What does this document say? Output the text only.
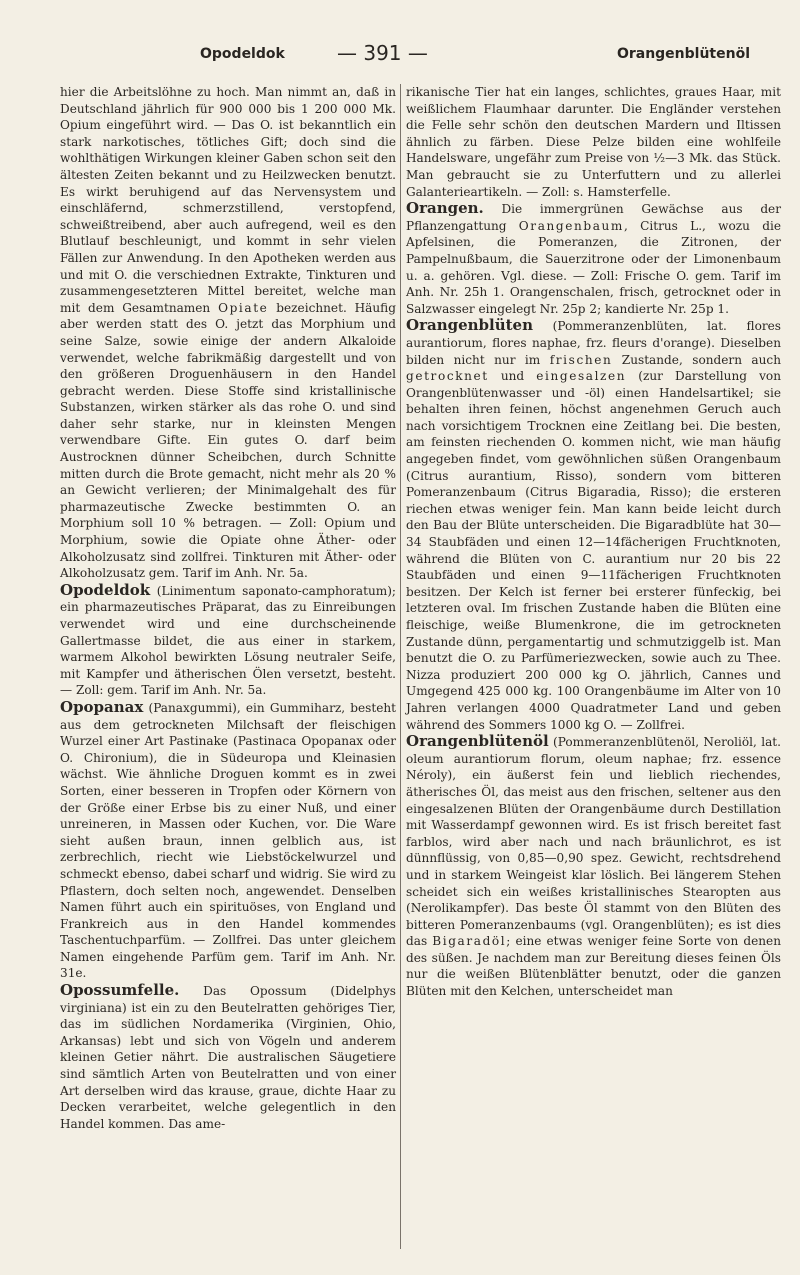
Opodeldok	— 391 —	Orangenblütenöl

hier die Arbeitslöhne zu hoch. Man nimmt an, daß in Deutschland jährlich für 900 000 bis 1 200 000 Mk. Opium eingeführt wird. — Das O. ist bekanntlich ein stark narkotisches, tötliches Gift; doch sind die wohlthätigen Wirkungen kleiner Gaben schon seit den ältesten Zeiten bekannt und zu Heilzwecken benutzt. Es wirkt beruhigend auf das Nervensystem und einschläfernd, schmerzstillend, verstopfend, schweißtreibend, aber auch aufregend, weil es den Blutlauf beschleunigt, und kommt in sehr vielen Fällen zur Anwendung. In den Apotheken werden aus und mit O. die verschiednen Extrakte, Tinkturen und zusammengesetzteren Mittel bereitet, welche man mit dem Gesamtnamen Opiate bezeichnet. Häufig aber werden statt des O. jetzt das Morphium und seine Salze, sowie einige der andern Alkaloide verwendet, welche fabrikmäßig dargestellt und von den größeren Droguenhäusern in den Handel gebracht werden. Diese Stoffe sind kristallinische Substanzen, wirken stärker als das rohe O. und sind daher sehr starke, nur in kleinsten Mengen verwendbare Gifte. Ein gutes O. darf beim Austrocknen dünner Scheibchen, durch Schnitte mitten durch die Brote gemacht, nicht mehr als 20 % an Gewicht verlieren; der Minimalgehalt des für pharmazeutische Zwecke bestimmten O. an Morphium soll 10 % betragen. — Zoll: Opium und Morphium, sowie die Opiate ohne Äther- oder Alkoholzusatz sind zollfrei. Tinkturen mit Äther- oder Alkoholzusatz gem. Tarif im Anh. Nr. 5a.

Opodeldok (Linimentum saponato-camphoratum); ein pharmazeutisches Präparat, das zu Einreibungen verwendet wird und eine durchscheinende Gallertmasse bildet, die aus einer in starkem, warmem Alkohol bewirkten Lösung neutraler Seife, mit Kampfer und ätherischen Ölen versetzt, besteht. — Zoll: gem. Tarif im Anh. Nr. 5a.

Opopanax (Panaxgummi), ein Gummiharz, besteht aus dem getrockneten Milchsaft der fleischigen Wurzel einer Art Pastinake (Pastinaca Opopanax oder O. Chironium), die in Südeuropa und Kleinasien wächst. Wie ähnliche Droguen kommt es in zwei Sorten, einer besseren in Tropfen oder Körnern von der Größe einer Erbse bis zu einer Nuß, und einer unreineren, in Massen oder Kuchen, vor. Die Ware sieht außen braun, innen gelblich aus, ist zerbrechlich, riecht wie Liebstöckelwurzel und schmeckt ebenso, dabei scharf und widrig. Sie wird zu Pflastern, doch selten noch, angewendet. Denselben Namen führt auch ein spirituöses, von England und Frankreich aus in den Handel kommendes Taschentuchparfüm. — Zollfrei. Das unter gleichem Namen eingehende Parfüm gem. Tarif im Anh. Nr. 31e.

Opossumfelle. Das Opossum (Didelphys virginiana) ist ein zu den Beutelratten gehöriges Tier, das im südlichen Nordamerika (Virginien, Ohio, Arkansas) lebt und sich von Vögeln und anderem kleinen Getier nährt. Die australischen Säugetiere sind sämtlich Arten von Beutelratten und von einer Art derselben wird das krause, graue, dichte Haar zu Decken verarbeitet, welche gelegentlich in den Handel kommen. Das ame-

rikanische Tier hat ein langes, schlichtes, graues Haar, mit weißlichem Flaumhaar darunter. Die Engländer verstehen die Felle sehr schön den deutschen Mardern und Iltissen ähnlich zu färben. Diese Pelze bilden eine wohlfeile Handelsware, ungefähr zum Preise von ½—3 Mk. das Stück. Man gebraucht sie zu Unterfuttern und zu allerlei Galanterieartikeln. — Zoll: s. Hamsterfelle.

Orangen. Die immergrünen Gewächse aus der Pflanzengattung Orangenbaum, Citrus L., wozu die Apfelsinen, die Pomeranzen, die Zitronen, der Pampelnußbaum, die Sauerzitrone oder der Limonenbaum u. a. gehören. Vgl. diese. — Zoll: Frische O. gem. Tarif im Anh. Nr. 25h 1. Orangenschalen, frisch, getrocknet oder in Salzwasser eingelegt Nr. 25p 2; kandierte Nr. 25p 1.

Orangenblüten (Pommeranzenblüten, lat. flores aurantiorum, flores naphae, frz. fleurs d'orange). Dieselben bilden nicht nur im frischen Zustande, sondern auch getrocknet und eingesalzen (zur Darstellung von Orangenblütenwasser und -öl) einen Handelsartikel; sie behalten ihren feinen, höchst angenehmen Geruch auch nach vorsichtigem Trocknen eine Zeitlang bei. Die besten, am feinsten riechenden O. kommen nicht, wie man häufig angegeben findet, vom gewöhnlichen süßen Orangenbaum (Citrus aurantium, Risso), sondern vom bitteren Pomeranzenbaum (Citrus Bigaradia, Risso); die ersteren riechen etwas weniger fein. Man kann beide leicht durch den Bau der Blüte unterscheiden. Die Bigaradblüte hat 30—34 Staubfäden und einen 12—14fächerigen Fruchtknoten, während die Blüten von C. aurantium nur 20 bis 22 Staubfäden und einen 9—11fächerigen Fruchtknoten besitzen. Der Kelch ist ferner bei ersterer fünfeckig, bei letzteren oval. Im frischen Zustande haben die Blüten eine fleischige, weiße Blumenkrone, die im getrockneten Zustande dünn, pergamentartig und schmutziggelb ist. Man benutzt die O. zu Parfümeriezwecken, sowie auch zu Thee. Nizza produziert 200 000 kg O. jährlich, Cannes und Umgegend 425 000 kg. 100 Orangenbäume im Alter von 10 Jahren verlangen 4000 Quadratmeter Land und geben während des Sommers 1000 kg O. — Zollfrei.

Orangenblütenöl (Pommeranzenblütenöl, Neroliöl, lat. oleum aurantiorum florum, oleum naphae; frz. essence Néroly), ein äußerst fein und lieblich riechendes, ätherisches Öl, das meist aus den frischen, seltener aus den eingesalzenen Blüten der Orangenbäume durch Destillation mit Wasserdampf gewonnen wird. Es ist frisch bereitet fast farblos, wird aber nach und nach bräunlichrot, es ist dünnflüssig, von 0,85—0,90 spez. Gewicht, rechtsdrehend und in starkem Weingeist klar löslich. Bei längerem Stehen scheidet sich ein weißes kristallinisches Stearopten aus (Nerolikampfer). Das beste Öl stammt von den Blüten des bitteren Pomeranzenbaums (vgl. Orangenblüten); es ist dies das Bigaradöl; eine etwas weniger feine Sorte von denen des süßen. Je nachdem man zur Bereitung dieses feinen Öls nur die weißen Blütenblätter benutzt, oder die ganzen Blüten mit den Kelchen, unterscheidet man
